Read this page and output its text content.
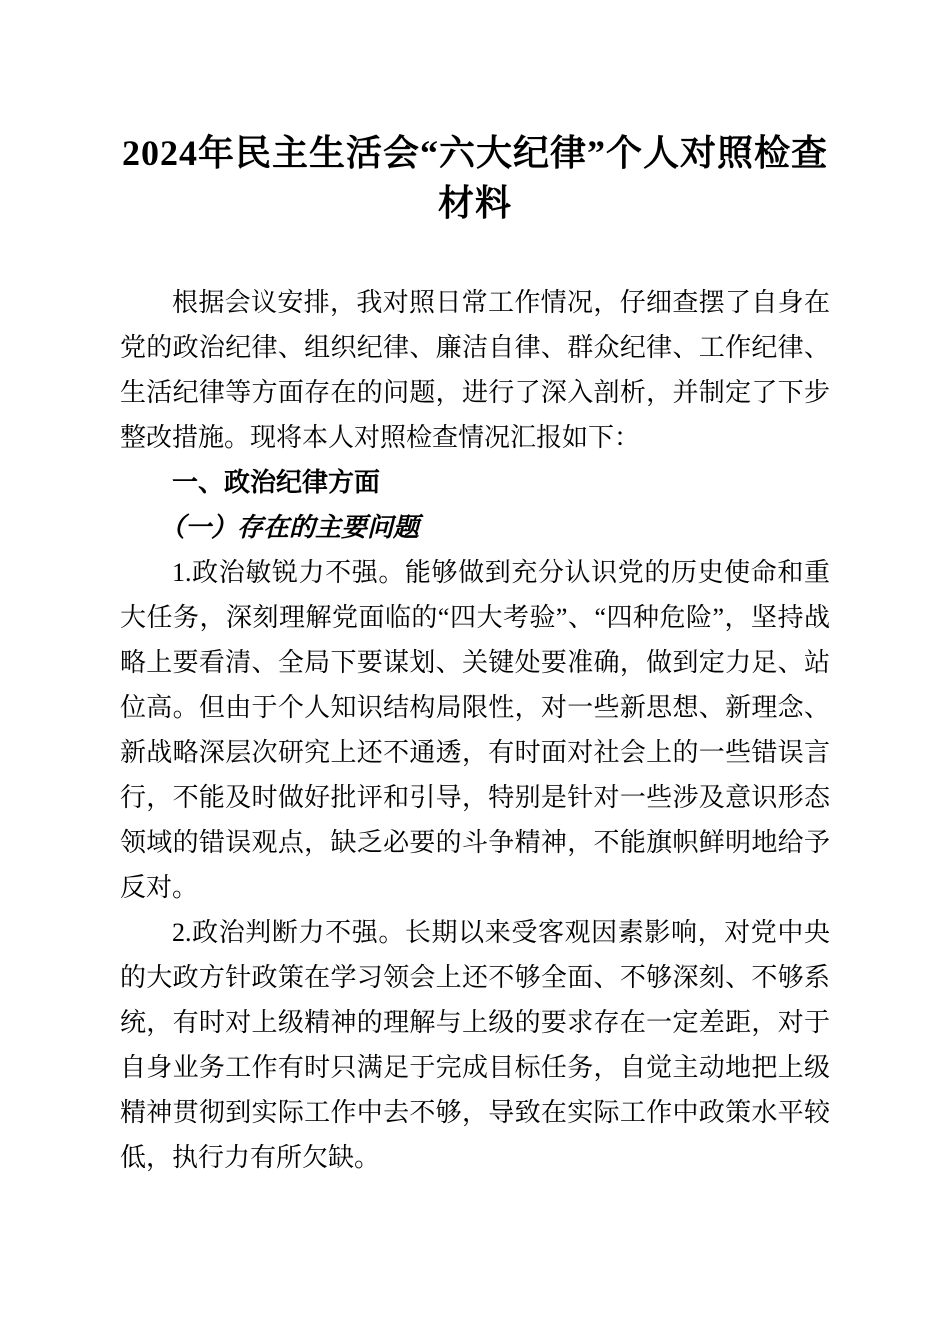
2024年民主生活会“六大纪律”个人对照检查材料

根据会议安排，我对照日常工作情况，仔细查摆了自身在党的政治纪律、组织纪律、廉洁自律、群众纪律、工作纪律、生活纪律等方面存在的问题，进行了深入剖析，并制定了下步整改措施。现将本人对照检查情况汇报如下：

一、政治纪律方面
（一）存在的主要问题

1.政治敏锐力不强。能够做到充分认识党的历史使命和重大任务，深刻理解党面临的“四大考验”、“四种危险”，坚持战略上要看清、全局下要谋划、关键处要准确，做到定力足、站位高。但由于个人知识结构局限性，对一些新思想、新理念、新战略深层次研究上还不通透，有时面对社会上的一些错误言行，不能及时做好批评和引导，特别是针对一些涉及意识形态领域的错误观点，缺乏必要的斗争精神，不能旗帜鲜明地给予反对。

2.政治判断力不强。长期以来受客观因素影响，对党中央的大政方针政策在学习领会上还不够全面、不够深刻、不够系统，有时对上级精神的理解与上级的要求存在一定差距，对于自身业务工作有时只满足于完成目标任务，自觉主动地把上级精神贯彻到实际工作中去不够，导致在实际工作中政策水平较低，执行力有所欠缺。
